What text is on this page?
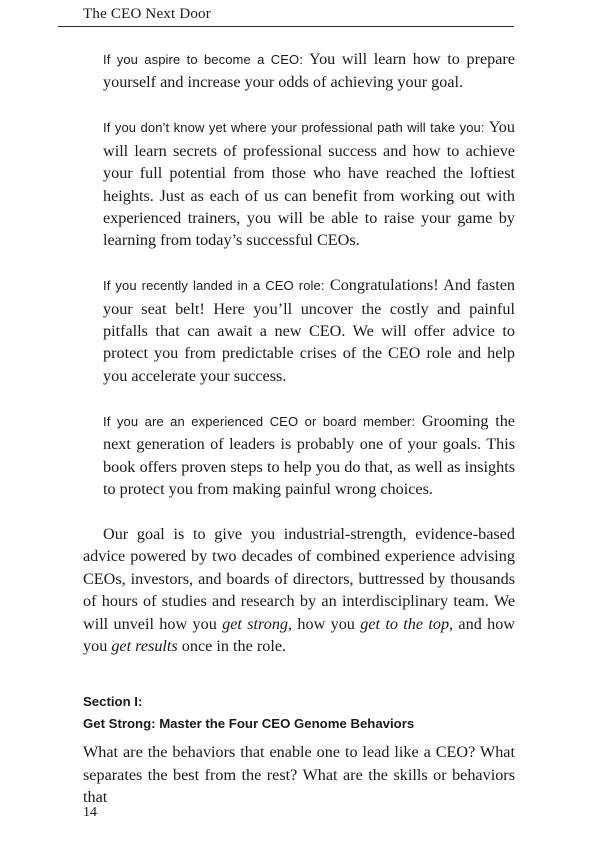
The CEO Next Door

If you aspire to become a CEO: You will learn how to prepare yourself and increase your odds of achieving your goal.

If you don’t know yet where your professional path will take you: You will learn secrets of professional success and how to achieve your full potential from those who have reached the loftiest heights. Just as each of us can benefit from working out with experienced trainers, you will be able to raise your game by learning from today’s successful CEOs.

If you recently landed in a CEO role: Congratulations! And fasten your seat belt! Here you’ll uncover the costly and painful pitfalls that can await a new CEO. We will offer advice to protect you from predictable crises of the CEO role and help you accelerate your success.

If you are an experienced CEO or board member: Grooming the next generation of leaders is probably one of your goals. This book offers proven steps to help you do that, as well as insights to protect you from making painful wrong choices.

Our goal is to give you industrial-strength, evidence-based advice powered by two decades of combined experience advising CEOs, investors, and boards of directors, buttressed by thousands of hours of studies and research by an interdisciplinary team. We will unveil how you get strong, how you get to the top, and how you get results once in the role.

Section I:

Get Strong: Master the Four CEO Genome Behaviors

What are the behaviors that enable one to lead like a CEO? What separates the best from the rest? What are the skills or behaviors that

14
